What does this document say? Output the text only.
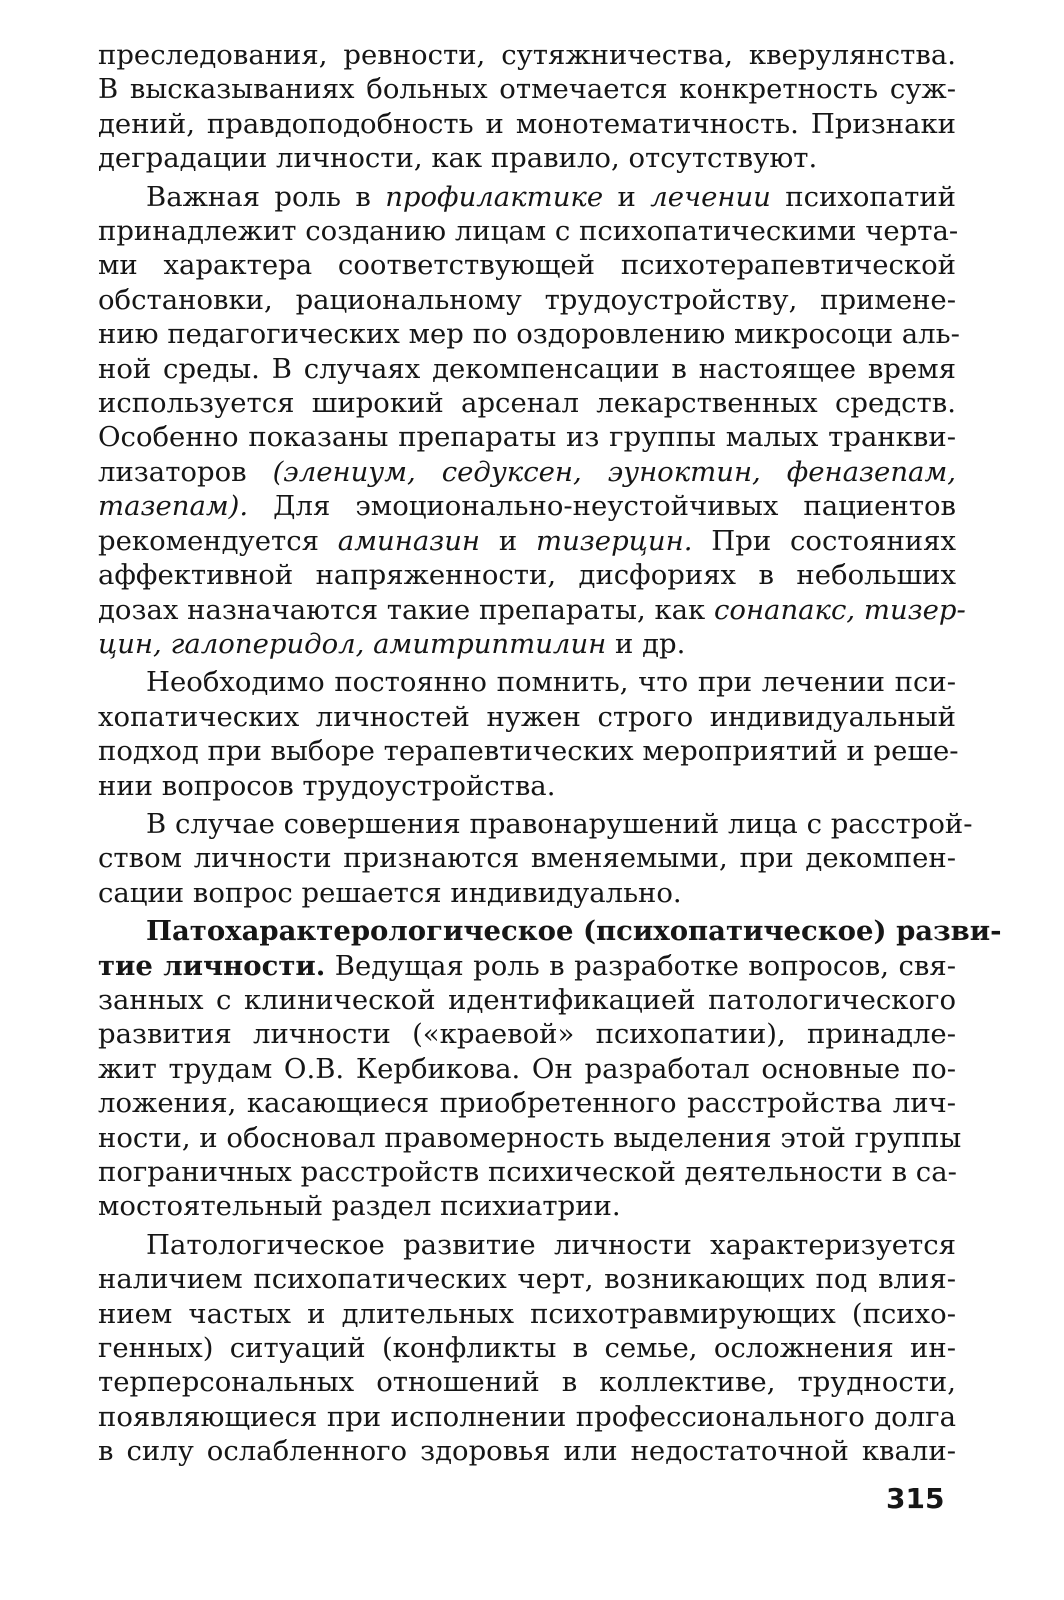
преследования, ревности, сутяжничества, кверулянства.
В высказываниях больных отмечается конкретность суж-
дений, правдоподобность и монотематичность. Признаки
деградации личности, как правило, отсутствуют.
Важная роль в профилактике и лечении психопатий
принадлежит созданию лицам с психопатическими черта-
ми характера соответствующей психотерапевтической
обстановки, рациональному трудоустройству, примене-
нию педагогических мер по оздоровлению микросоци аль-
ной среды. В случаях декомпенсации в настоящее время
используется широкий арсенал лекарственных средств.
Особенно показаны препараты из группы малых транкви-
лизаторов (элениум, седуксен, эуноктин, феназепам,
тазепам). Для эмоционально-неустойчивых пациентов
рекомендуется аминазин и тизерцин. При состояниях
аффективной напряженности, дисфориях в небольших
дозах назначаются такие препараты, как сонапакс, тизер-
цин, галоперидол, амитриптилин и др.
Необходимо постоянно помнить, что при лечении пси-
хопатических личностей нужен строго индивидуальный
подход при выборе терапевтических мероприятий и реше-
нии вопросов трудоустройства.
В случае совершения правонарушений лица с расстрой-
ством личности признаются вменяемыми, при декомпен-
сации вопрос решается индивидуально.
Патохарактерологическое (психопатическое) разви-
тие личности. Ведущая роль в разработке вопросов, свя-
занных с клинической идентификацией патологического
развития личности («краевой» психопатии), принадле-
жит трудам О.В. Кербикова. Он разработал основные по-
ложения, касающиеся приобретенного расстройства лич-
ности, и обосновал правомерность выделения этой группы
пограничных расстройств психической деятельности в са-
мостоятельный раздел психиатрии.
Патологическое развитие личности характеризуется
наличием психопатических черт, возникающих под влия-
нием частых и длительных психотравмирующих (психо-
генных) ситуаций (конфликты в семье, осложнения ин-
терперсональных отношений в коллективе, трудности,
появляющиеся при исполнении профессионального долга
в силу ослабленного здоровья или недостаточной квали-
315
